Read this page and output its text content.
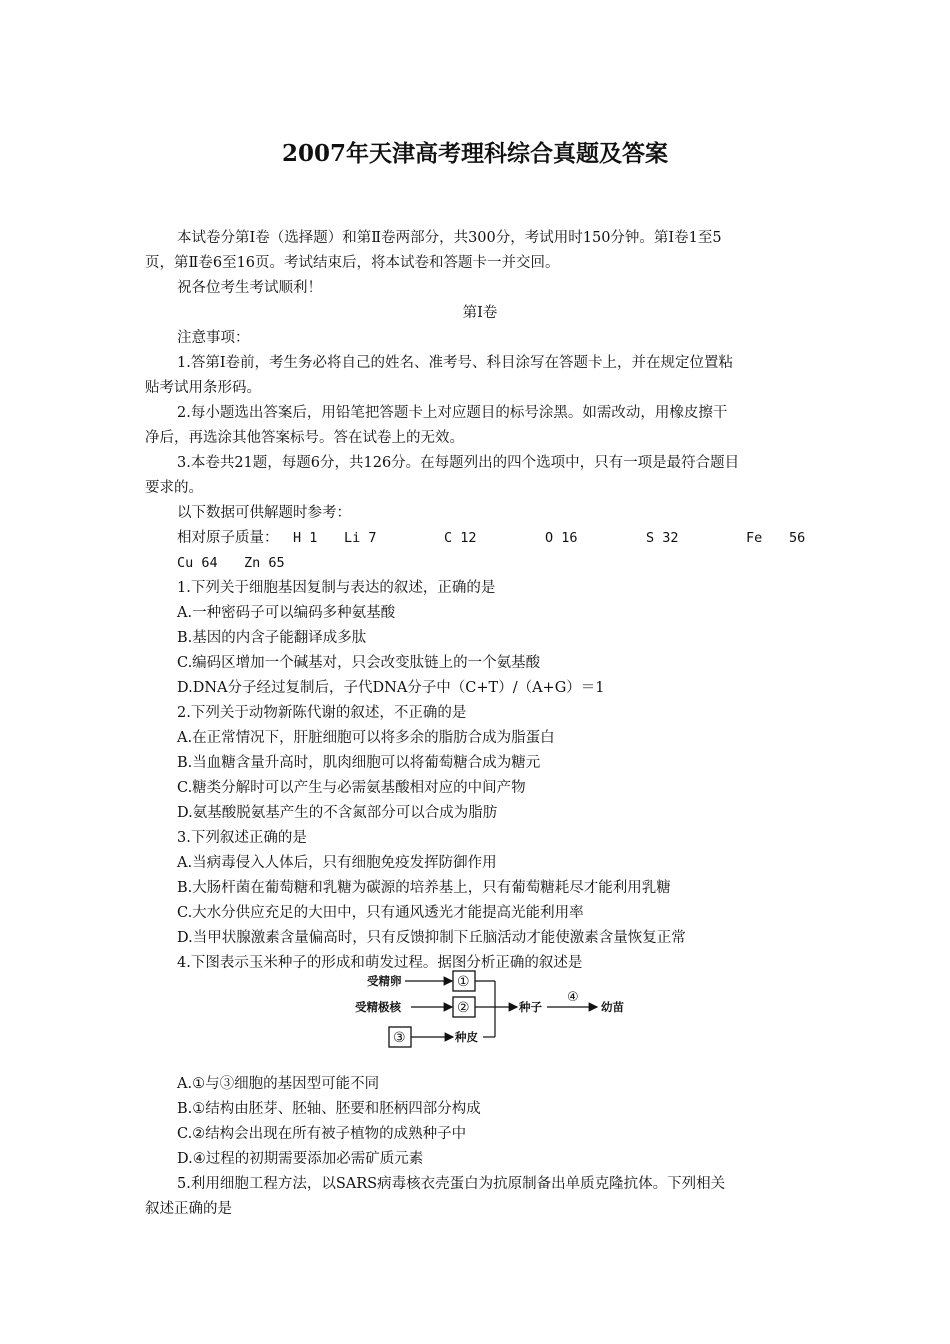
2007年天津高考理科综合真题及答案
本试卷分第Ⅰ卷（选择题）和第Ⅱ卷两部分，共300分，考试用时150分钟。第Ⅰ卷1至5
页，第Ⅱ卷6至16页。考试结束后，将本试卷和答题卡一并交回。
祝各位考生考试顺利！
第Ⅰ卷
注意事项：
1.答第Ⅰ卷前，考生务必将自己的姓名、准考号、科目涂写在答题卡上，并在规定位置粘
贴考试用条形码。
2.每小题选出答案后，用铅笔把答题卡上对应题目的标号涂黑。如需改动，用橡皮擦干
净后，再选涂其他答案标号。答在试卷上的无效。
3.本卷共21题，每题6分，共126分。在每题列出的四个选项中，只有一项是最符合题目
要求的。
以下数据可供解题时参考：
相对原子质量： H 1 Li 7	C 12	O 16	S 32	Fe 56
Cu 64 Zn 65
1.下列关于细胞基因复制与表达的叙述，正确的是
A.一种密码子可以编码多种氨基酸
B.基因的内含子能翻译成多肽
C.编码区增加一个碱基对，只会改变肽链上的一个氨基酸
D.DNA分子经过复制后，子代DNA分子中（C+T）/（A+G）＝1
2.下列关于动物新陈代谢的叙述，不正确的是
A.在正常情况下，肝脏细胞可以将多余的脂肪合成为脂蛋白
B.当血糖含量升高时，肌肉细胞可以将葡萄糖合成为糖元
C.糖类分解时可以产生与必需氨基酸相对应的中间产物
D.氨基酸脱氨基产生的不含氮部分可以合成为脂肪
3.下列叙述正确的是
A.当病毒侵入人体后，只有细胞免疫发挥防御作用
B.大肠杆菌在葡萄糖和乳糖为碳源的培养基上，只有葡萄糖耗尽才能利用乳糖
C.大水分供应充足的大田中，只有通风透光才能提高光能利用率
D.当甲状腺激素含量偏高时，只有反馈抑制下丘脑活动才能使激素含量恢复正常
4.下图表示玉米种子的形成和萌发过程。据图分析正确的叙述是
受精卵
受精极核
①
②
③	种皮
种子
④
幼苗
A.①与③细胞的基因型可能不同
B.①结构由胚芽、胚轴、胚要和胚柄四部分构成
C.②结构会出现在所有被子植物的成熟种子中
D.④过程的初期需要添加必需矿质元素
5.利用细胞工程方法，以SARS病毒核衣壳蛋白为抗原制备出单质克隆抗体。下列相关
叙述正确的是
